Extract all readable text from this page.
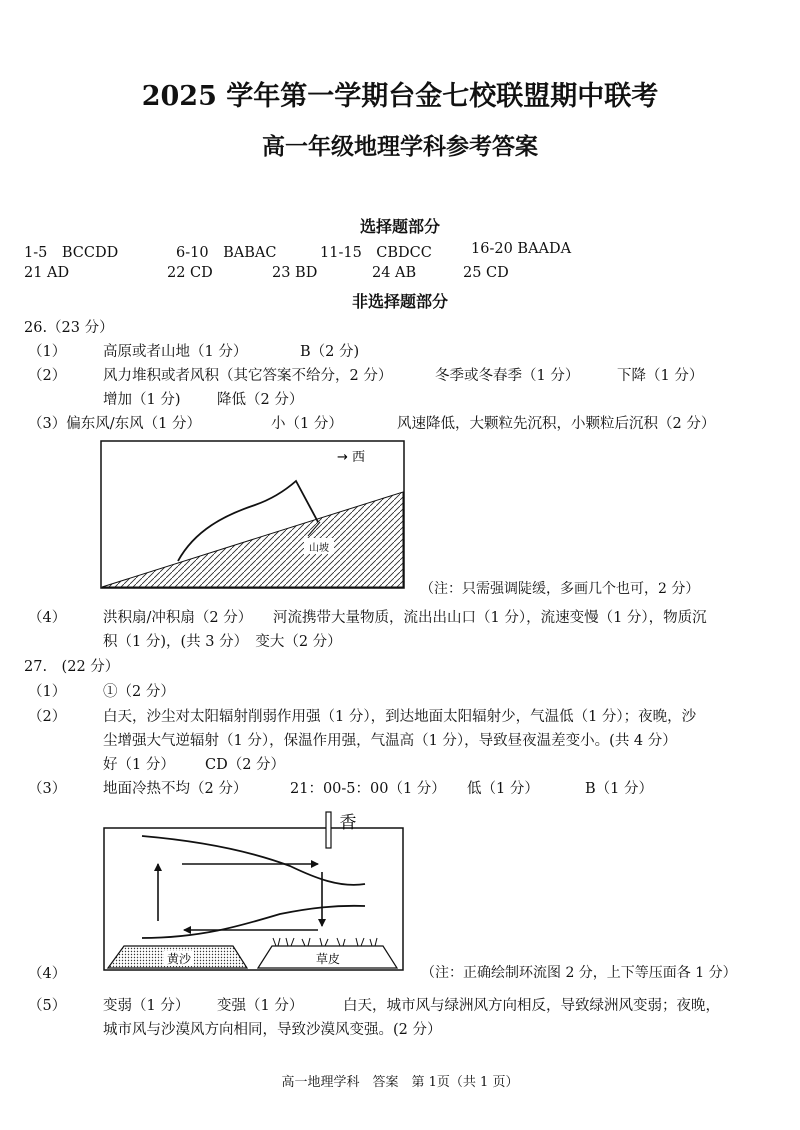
2025 学年第一学期台金七校联盟期中联考
高一年级地理学科参考答案
选择题部分
1-5　BCCDD	6-10　BABAC	11-15　CBDCC	16-20 BAADA
21 AD	22 CD	23 BD	24 AB	25 CD
非选择题部分
26.（23 分）
（1）	高原或者山地（1 分）	B（2 分)
（2）	风力堆积或者风积（其它答案不给分，2 分）	冬季或冬春季（1 分）	下降（1 分）
增加（1 分)	降低（2 分）
（3）偏东风/东风（1 分）	小（1 分）	风速降低，大颗粒先沉积，小颗粒后沉积（2 分）
山坡
→ 西
（注：只需强调陡缓，多画几个也可，2 分）
（4）	洪积扇/冲积扇（2 分） 河流携带大量物质，流出出山口（1 分），流速变慢（1 分），物质沉
积（1 分)，(共 3 分）　变大（2 分）
27.　(22 分）
（1）	①（2 分）
（2）	白天，沙尘对太阳辐射削弱作用强（1 分），到达地面太阳辐射少，气温低（1 分）；夜晚，沙
尘增强大气逆辐射（1 分），保温作用强，气温高（1 分），导致昼夜温差变小。(共 4 分）
好（1 分） CD（2 分）
（3）	地面冷热不均（2 分）	21：00-5：00（1 分） 低（1 分）	B（1 分）
香
黄沙	草皮
（4）	（注：正确绘制环流图 2 分，上下等压面各 1 分）
（5）	变弱（1 分） 变强（1 分）	白天，城市风与绿洲风方向相反，导致绿洲风变弱；夜晚，
城市风与沙漠风方向相同，导致沙漠风变强。(2 分）
高一地理学科　答案　第 1页（共 1 页）
